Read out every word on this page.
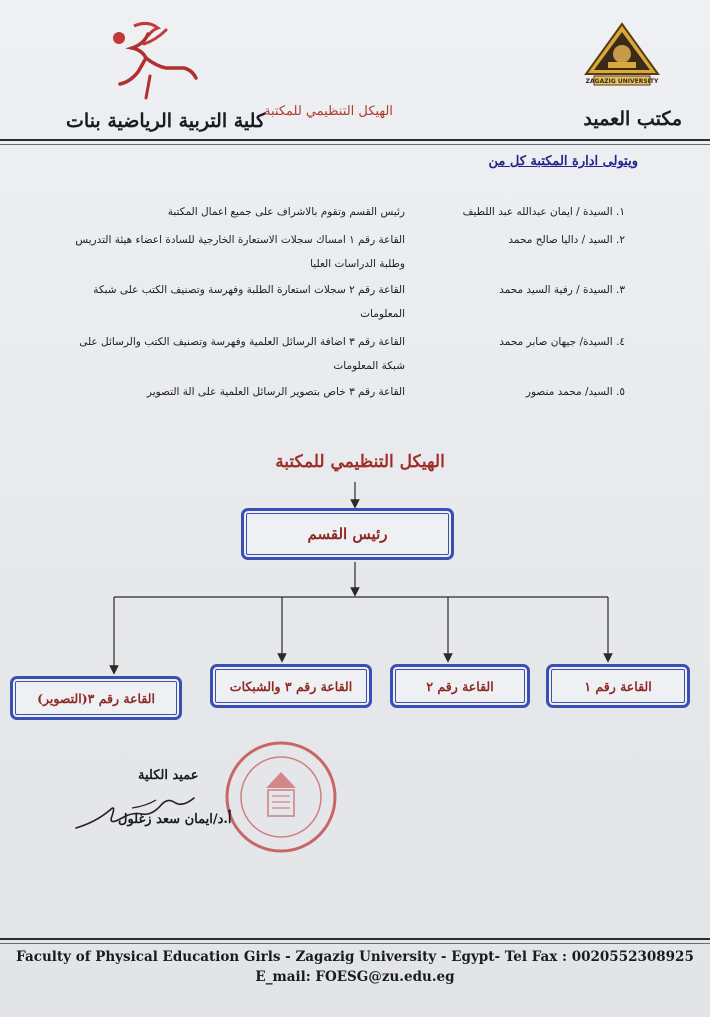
ZAGAZIG UNIVERSITY
كلية التربية الرياضية بنات الهيكل التنظيمي للمكتبة	مكتب العميد
ويتولى ادارة المكتبة كل من
١. السيدة / ايمان عبدالله عبد اللطيف
رئيس القسم وتقوم بالاشراف على جميع اعمال المكتبة
٢. السيد / داليا صالح محمد
القاعة رقم ١ امساك سجلات الاستعارة الخارجية للسادة اعضاء هيئة التدريس وطلبة الدراسات العليا
٣. السيدة / رفية السيد محمد
القاعة رقم ٢ سجلات استعارة الطلبة وفهرسة وتصنيف الكتب على شبكة المعلومات
٤. السيدة/ جيهان صابر محمد
القاعة رقم ٣ اضافة الرسائل العلمية وفهرسة وتصنيف الكتب والرسائل على شبكة المعلومات
٥. السيد/ محمد منصور
القاعة رقم ٣ خاص بتصوير الرسائل العلمية على الة التصوير
الهيكل التنظيمي للمكتبة
رئيس القسم
القاعة رقم ١
القاعة رقم ٢
القاعة رقم ٣ والشبكات
القاعة رقم ٣(التصوير)
عميد الكلية
أ.د/ايمان سعد زغلول
Faculty of Physical Education Girls - Zagazig University - Egypt- Tel Fax : 0020552308925
E_mail: FOESG@zu.edu.eg
